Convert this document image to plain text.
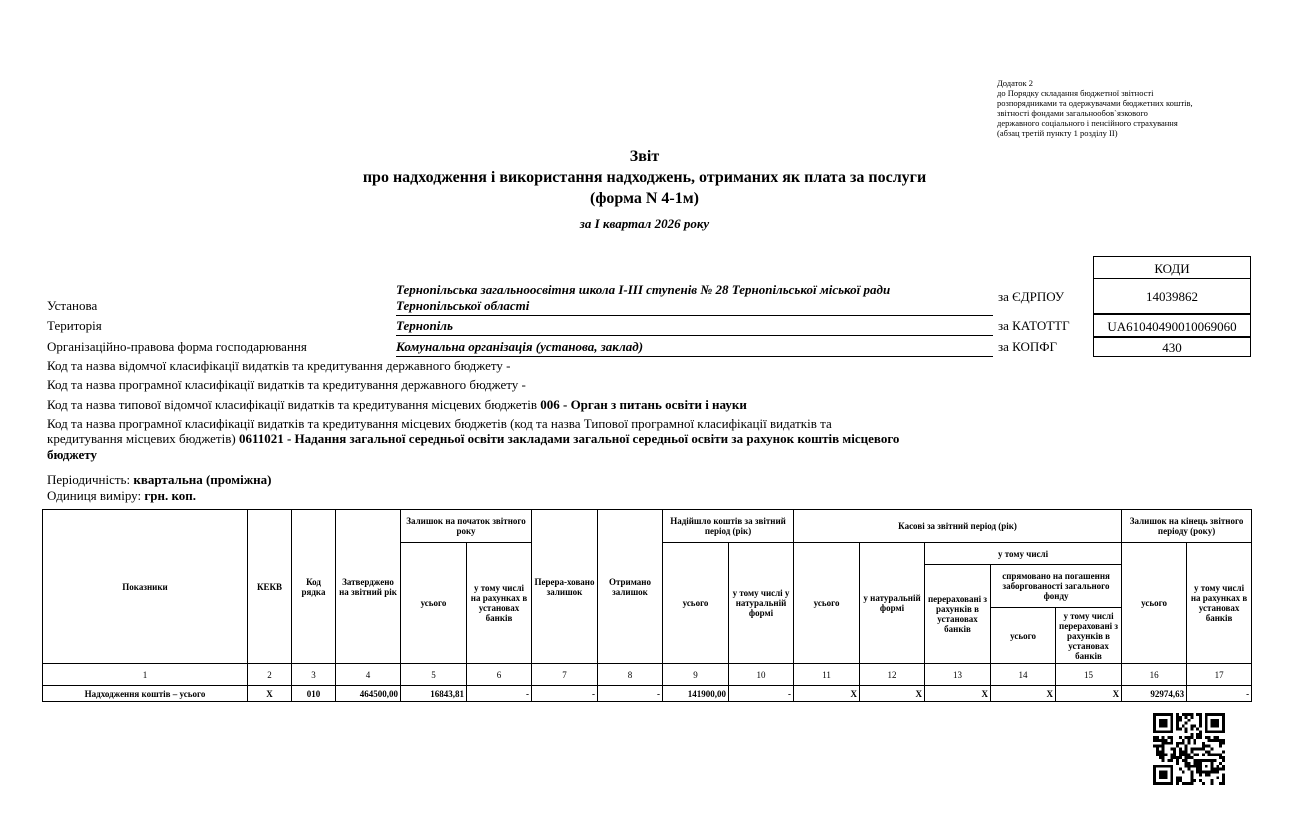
Додаток 2
до Порядку складання бюджетної звітності
розпорядниками та одержувачами бюджетних коштів,
звітності фондами загальнообов`язкового
державного соціального і пенсійного страхування
(абзац третій пункту 1 розділу II)
Звіт
про надходження і використання надходжень, отриманих як плата за послуги
(форма N 4-1м)
за I квартал 2026 року
КОДИ
за ЄДРПОУ	14039862
за КАТОТТГ	UA61040490010069060
за КОПФГ	430
Установа
Тернопільська загальноосвітня школа І-ІІІ ступенів № 28 Тернопільської міської ради
Тернопільської області
Територія	Тернопіль
Організаційно-правова форма господарювання	Комунальна організація (установа, заклад)
Код та назва відомчої класифікації видатків та кредитування державного бюджету -
Код та назва програмної класифікації видатків та кредитування державного бюджету -
Код та назва типової відомчої класифікації видатків та кредитування місцевих бюджетів 006 - Орган з питань освіти і науки
Код та назва програмної класифікації видатків та кредитування місцевих бюджетів (код та назва Типової програмної класифікації видатків та
кредитування місцевих бюджетів) 0611021 - Надання загальної середньої освіти закладами загальної середньої освіти за рахунок коштів місцевого
бюджету
Періодичність: квартальна (проміжна)
Одиниця виміру: грн. коп.
Показники	КЕКВ	Код рядка	Затверджено на звітний рік	Залишок на початок звітного року		Перера-ховано залишок	Отримано залишок	Надійшло коштів за звітний період (рік)		Касові за звітний період (рік)					Залишок на кінець звітного періоду (року)	
				усього	у тому числі на рахунках в установах банків			усього	у тому числі у натуральній формі	усього	у натуральній формі	у тому числі			усього	у тому числі на рахунках в установах банків
												перераховані з рахунків в установах банків	спрямовано на погашення заборгованості загального фонду			
													усього	у тому числі перераховані з рахунків в установах банків		
1	2	3	4	5	6	7	8	9	10	11	12	13	14	15	16	17
Надходження коштів – усього	X	010	464500,00	16843,81	-	-	-	141900,00	-	X	X	X	X	X	92974,63	-
